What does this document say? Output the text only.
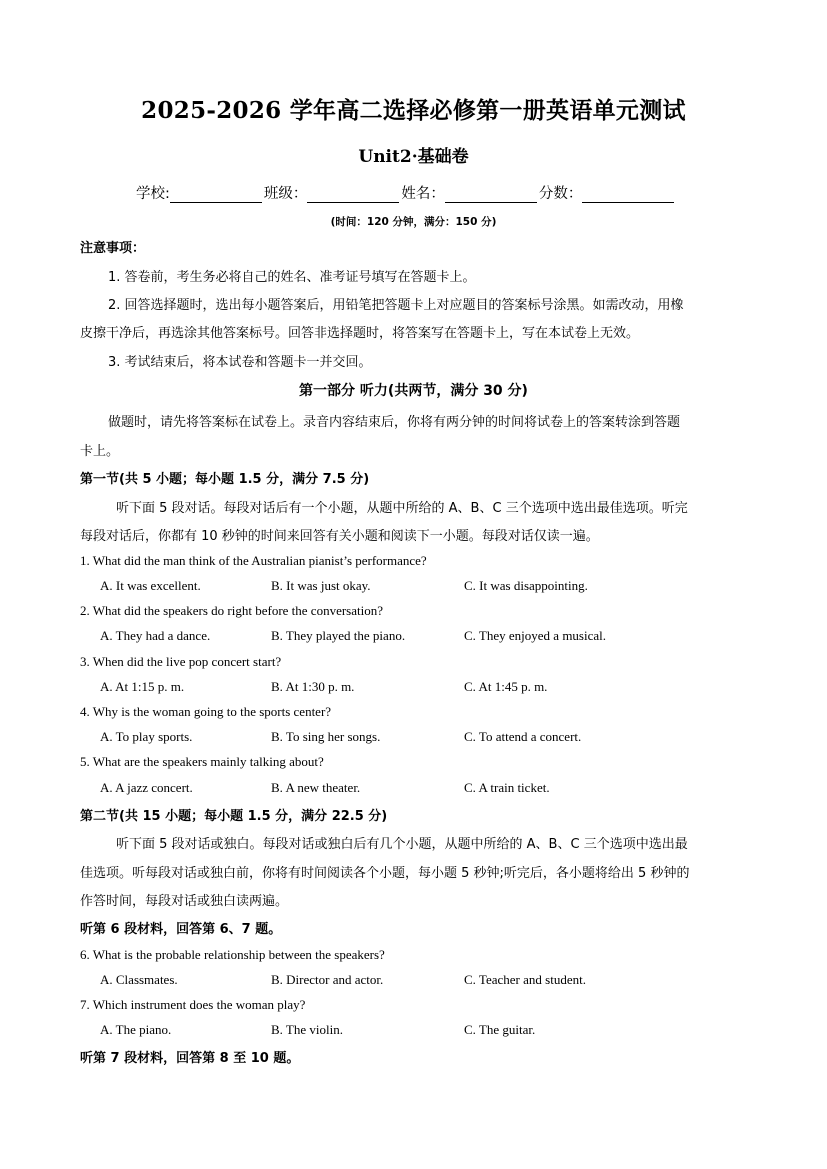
2025-2026 学年高二选择必修第一册英语单元测试
Unit2·基础卷
学校:	班级：	姓名：	分数：
(时间：120 分钟，满分：150 分)
注意事项：
1. 答卷前，考生务必将自己的姓名、准考证号填写在答题卡上。
2. 回答选择题时，选出每小题答案后，用铅笔把答题卡上对应题目的答案标号涂黑。如需改动，用橡
皮擦干净后，再选涂其他答案标号。回答非选择题时，将答案写在答题卡上，写在本试卷上无效。
3. 考试结束后，将本试卷和答题卡一并交回。
第一部分 听力(共两节，满分 30 分)
做题时，请先将答案标在试卷上。录音内容结束后，你将有两分钟的时间将试卷上的答案转涂到答题
卡上。
第一节(共 5 小题；每小题 1.5 分，满分 7.5 分)
听下面 5 段对话。每段对话后有一个小题，从题中所给的 A、B、C 三个选项中选出最佳选项。听完
每段对话后，你都有 10 秒钟的时间来回答有关小题和阅读下一小题。每段对话仅读一遍。
1. What did the man think of the Australian pianist’s performance?
A. It was excellent.	B. It was just okay.	C. It was disappointing.
2. What did the speakers do right before the conversation?
A. They had a dance.	B. They played the piano.	C. They enjoyed a musical.
3. When did the live pop concert start?
A. At 1:15 p. m.	B. At 1:30 p. m.	C. At 1:45 p. m.
4. Why is the woman going to the sports center?
A. To play sports.	B. To sing her songs.	C. To attend a concert.
5. What are the speakers mainly talking about?
A. A jazz concert.	B. A new theater.	C. A train ticket.
第二节(共 15 小题；每小题 1.5 分，满分 22.5 分)
听下面 5 段对话或独白。每段对话或独白后有几个小题，从题中所给的 A、B、C 三个选项中选出最
佳选项。听每段对话或独白前，你将有时间阅读各个小题，每小题 5 秒钟;听完后，各小题将给出 5 秒钟的
作答时间，每段对话或独白读两遍。
听第 6 段材料，回答第 6、7 题。
6. What is the probable relationship between the speakers?
A. Classmates.	B. Director and actor.	C. Teacher and student.
7. Which instrument does the woman play?
A. The piano.	B. The violin.	C. The guitar.
听第 7 段材料，回答第 8 至 10 题。
